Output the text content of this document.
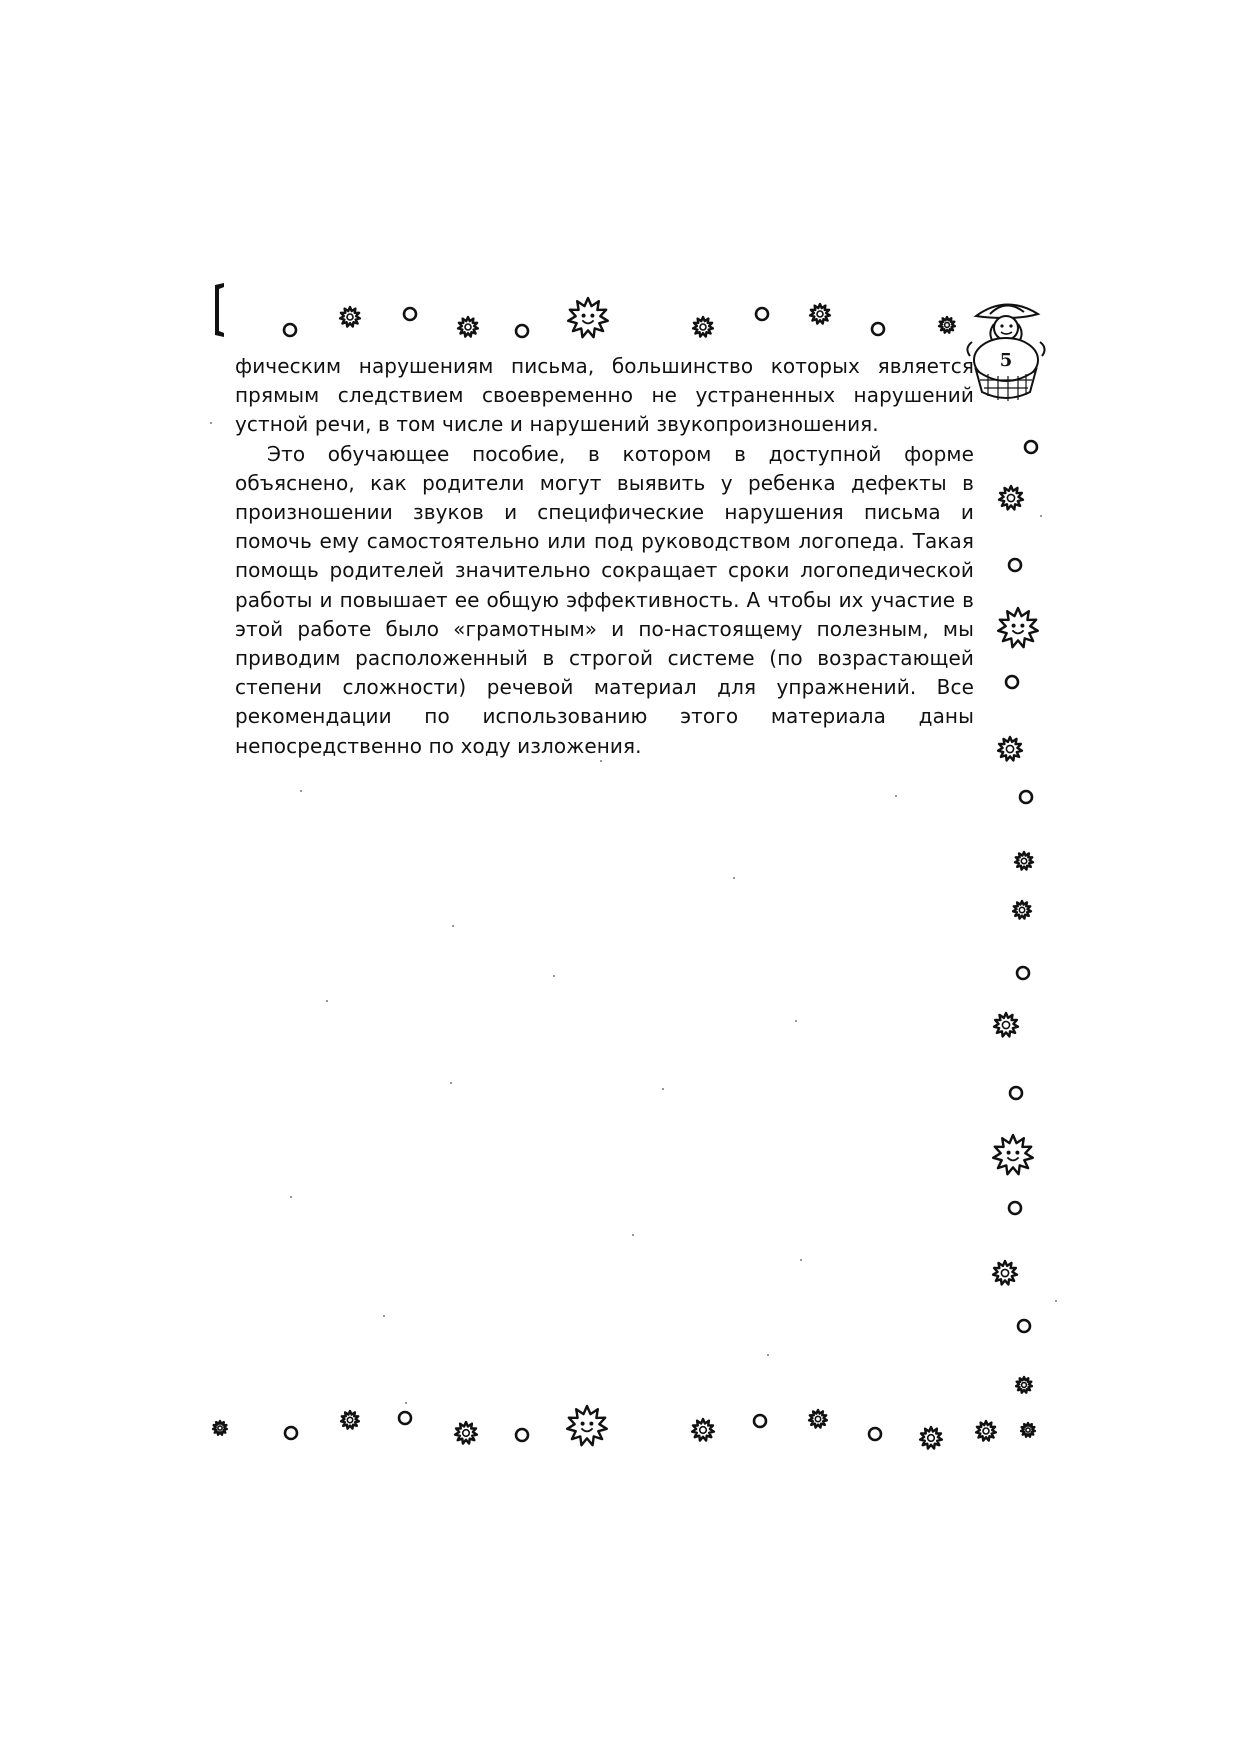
5

фическим нарушениям письма, большинство которых является прямым следствием своевременно не устраненных нарушений устной речи, в том числе и нарушений звукопроизношения.

Это обучающее пособие, в котором в доступной форме объяснено, как родители могут выявить у ребенка дефекты в произношении звуков и специфические нарушения письма и помочь ему самостоятельно или под руководством логопеда. Такая помощь родителей значительно сокращает сроки логопедической работы и повышает ее общую эффективность. А чтобы их участие в этой работе было «грамотным» и по-настоящему полезным, мы приводим расположенный в строгой системе (по возрастающей степени сложности) речевой материал для упражнений. Все рекомендации по использованию этого материала даны непосредственно по ходу изложения.
